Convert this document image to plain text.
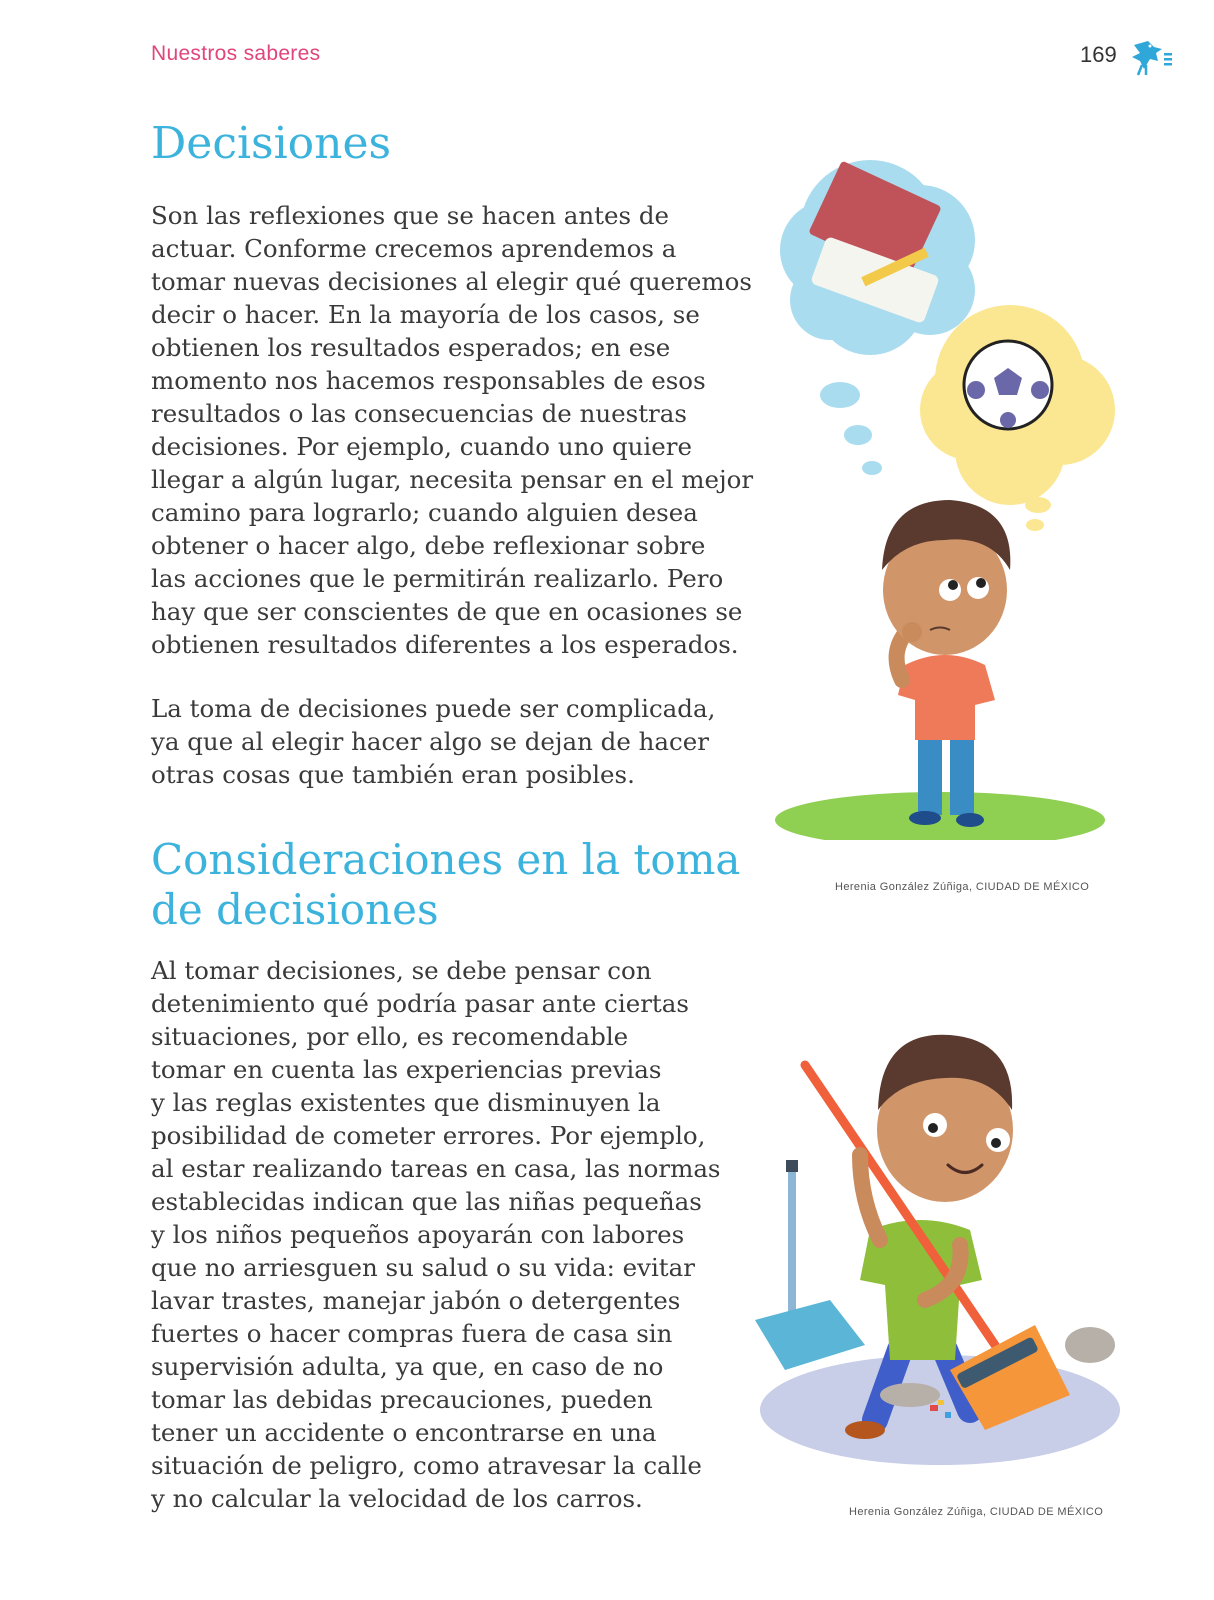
Nuestros saberes	169
Decisiones

Son las reflexiones que se hacen antes de
actuar. Conforme crecemos aprendemos a
tomar nuevas decisiones al elegir qué queremos
decir o hacer. En la mayoría de los casos, se
obtienen los resultados esperados; en ese
momento nos hacemos responsables de esos
resultados o las consecuencias de nuestras
decisiones. Por ejemplo, cuando uno quiere
llegar a algún lugar, necesita pensar en el mejor
camino para lograrlo; cuando alguien desea
obtener o hacer algo, debe reflexionar sobre
las acciones que le permitirán realizarlo. Pero
hay que ser conscientes de que en ocasiones se
obtienen resultados diferentes a los esperados.

La toma de decisiones puede ser complicada,
ya que al elegir hacer algo se dejan de hacer
otras cosas que también eran posibles.

Consideraciones en la toma
de decisiones

Al tomar decisiones, se debe pensar con
detenimiento qué podría pasar ante ciertas
situaciones, por ello, es recomendable
tomar en cuenta las experiencias previas
y las reglas existentes que disminuyen la
posibilidad de cometer errores. Por ejemplo,
al estar realizando tareas en casa, las normas
establecidas indican que las niñas pequeñas
y los niños pequeños apoyarán con labores
que no arriesguen su salud o su vida: evitar
lavar trastes, manejar jabón o detergentes
fuertes o hacer compras fuera de casa sin
supervisión adulta, ya que, en caso de no
tomar las debidas precauciones, pueden
tener un accidente o encontrarse en una
situación de peligro, como atravesar la calle
y no calcular la velocidad de los carros.

Herenia González Zúñiga, CIUDAD DE MÉXICO
Herenia González Zúñiga, CIUDAD DE MÉXICO
